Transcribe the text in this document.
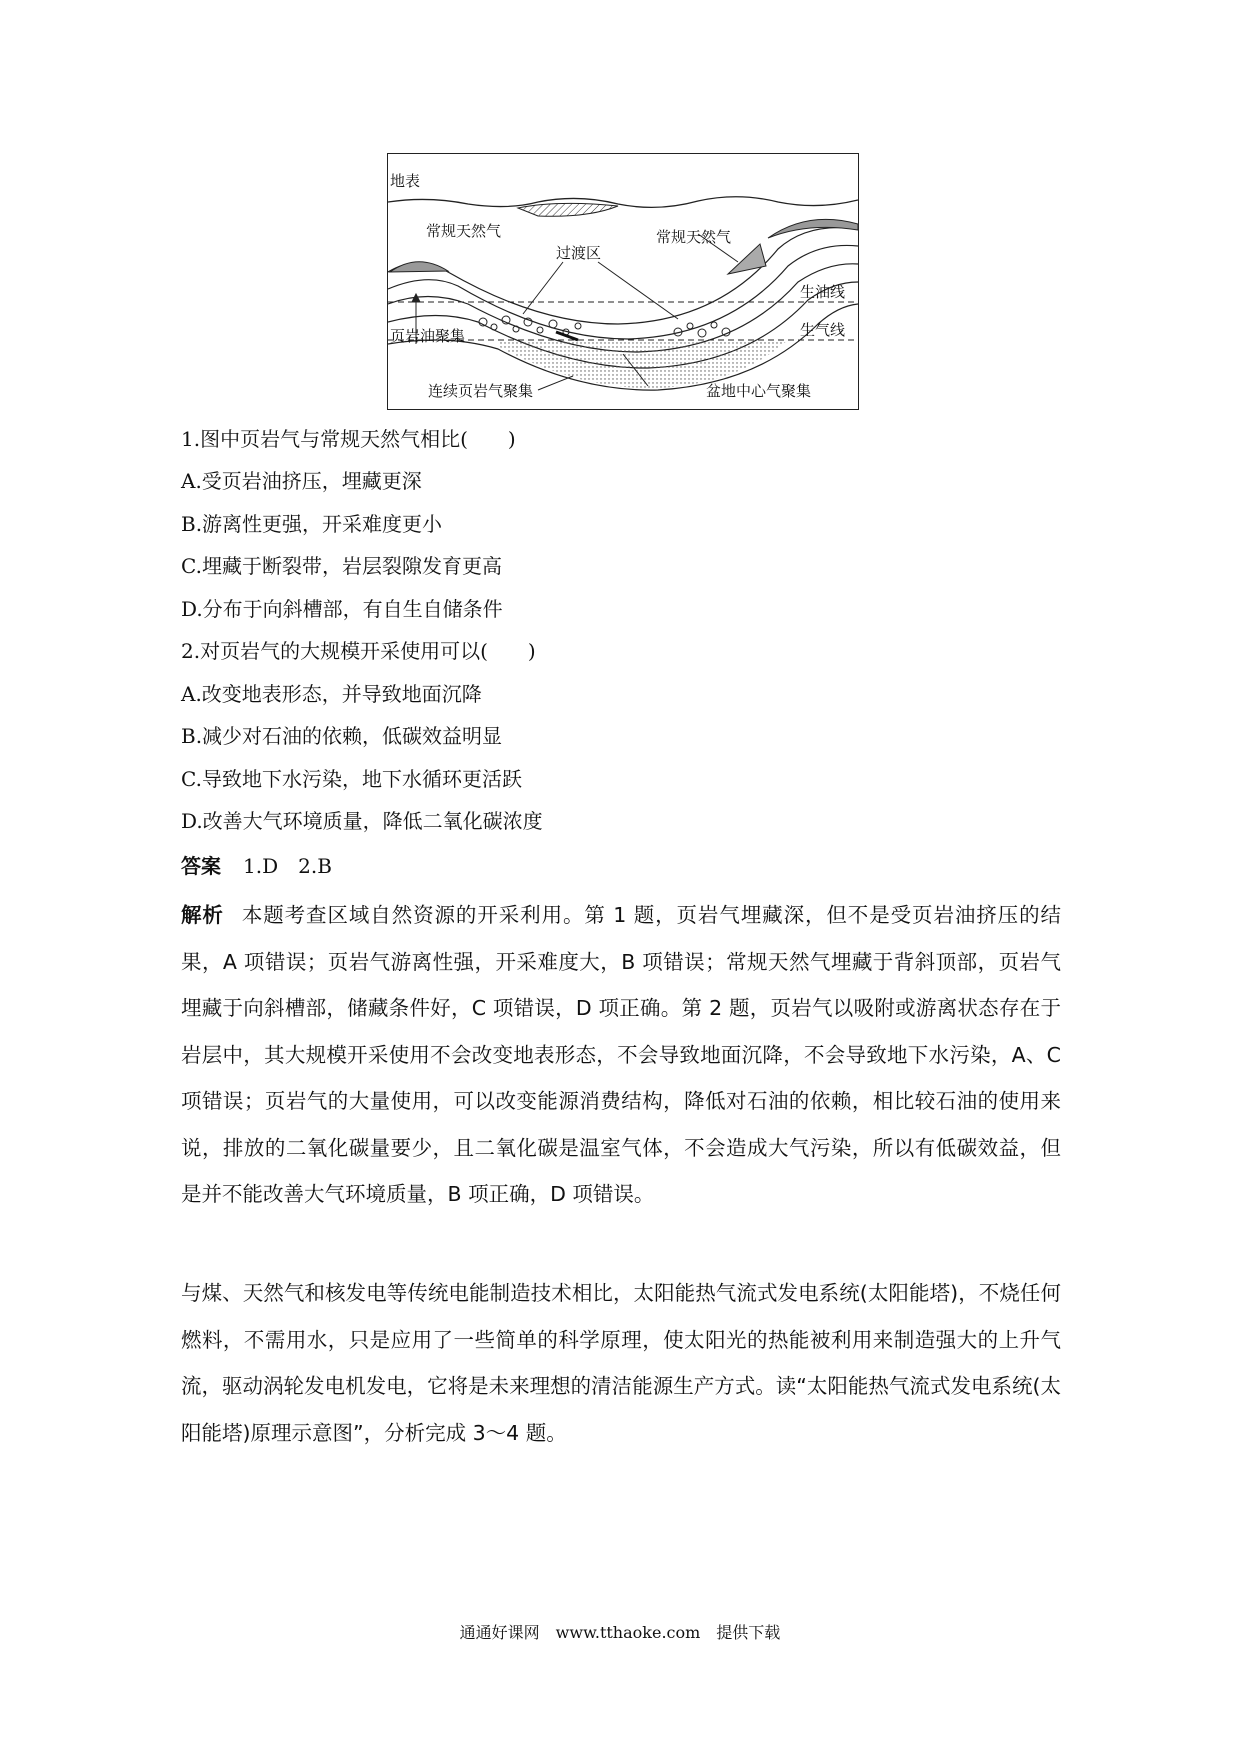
地表
常规天然气	常规天然气
过渡区
生油线
生气线
页岩油聚集
连续页岩气聚集	盆地中心气聚集
1.图中页岩气与常规天然气相比(　　)
A.受页岩油挤压，埋藏更深
B.游离性更强，开采难度更小
C.埋藏于断裂带，岩层裂隙发育更高
D.分布于向斜槽部，有自生自储条件
2.对页岩气的大规模开采使用可以(　　)
A.改变地表形态，并导致地面沉降
B.减少对石油的依赖，低碳效益明显
C.导致地下水污染，地下水循环更活跃
D.改善大气环境质量，降低二氧化碳浓度
答案 1.D　2.B
解析 本题考查区域自然资源的开采利用。第 1 题，页岩气埋藏深，但不是受页岩油挤压的结果，A 项错误；页岩气游离性强，开采难度大，B 项错误；常规天然气埋藏于背斜顶部，页岩气埋藏于向斜槽部，储藏条件好，C 项错误，D 项正确。第 2 题，页岩气以吸附或游离状态存在于岩层中，其大规模开采使用不会改变地表形态，不会导致地面沉降，不会导致地下水污染，A、C 项错误；页岩气的大量使用，可以改变能源消费结构，降低对石油的依赖，相比较石油的使用来说，排放的二氧化碳量要少，且二氧化碳是温室气体，不会造成大气污染，所以有低碳效益，但是并不能改善大气环境质量，B 项正确，D 项错误。
与煤、天然气和核发电等传统电能制造技术相比，太阳能热气流式发电系统(太阳能塔)，不烧任何燃料，不需用水，只是应用了一些简单的科学原理，使太阳光的热能被利用来制造强大的上升气流，驱动涡轮发电机发电，它将是未来理想的清洁能源生产方式。读“太阳能热气流式发电系统(太阳能塔)原理示意图”，分析完成 3～4 题。
通通好课网　www.tthaoke.com　提供下载
